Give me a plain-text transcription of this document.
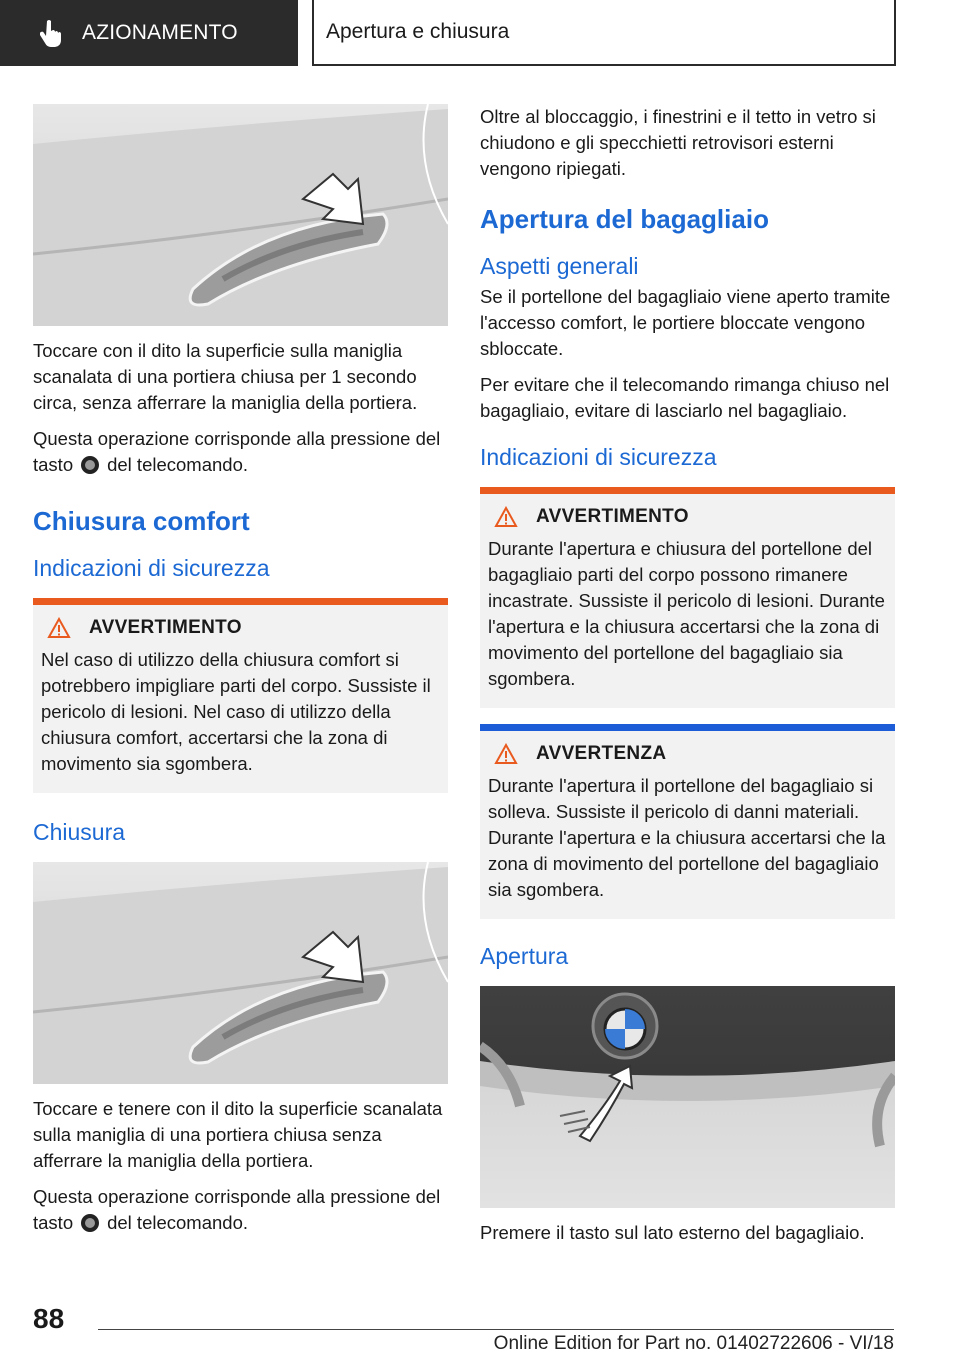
AZIONAMENTO	Apertura e chiusura

Toccare con il dito la superficie sulla maniglia scanalata di una portiera chiusa per 1 secondo circa, senza afferrare la maniglia della portiera.

Questa operazione corrisponde alla pressione del tasto del telecomando.

Chiusura comfort
Indicazioni di sicurezza
AVVERTIMENTO

Nel caso di utilizzo della chiusura comfort si potrebbero impigliare parti del corpo. Sussiste il pericolo di lesioni. Nel caso di utilizzo della chiusura comfort, accertarsi che la zona di movimento sia sgombera.

Chiusura

Toccare e tenere con il dito la superficie scanalata sulla maniglia di una portiera chiusa senza afferrare la maniglia della portiera.

Questa operazione corrisponde alla pressione del tasto del telecomando.

Oltre al bloccaggio, i finestrini e il tetto in vetro si chiudono e gli specchietti retrovisori esterni vengono ripiegati.

Apertura del bagagliaio
Aspetti generali

Se il portellone del bagagliaio viene aperto tramite l'accesso comfort, le portiere bloccate vengono sbloccate.

Per evitare che il telecomando rimanga chiuso nel bagagliaio, evitare di lasciarlo nel bagagliaio.

Indicazioni di sicurezza
AVVERTIMENTO

Durante l'apertura e chiusura del portellone del bagagliaio parti del corpo possono rimanere incastrate. Sussiste il pericolo di lesioni. Durante l'apertura e la chiusura accertarsi che la zona di movimento del portellone del bagagliaio sia sgombera.

AVVERTENZA

Durante l'apertura il portellone del bagagliaio si solleva. Sussiste il pericolo di danni materiali. Durante l'apertura e la chiusura accertarsi che la zona di movimento del portellone del bagagliaio sia sgombera.

Apertura

Premere il tasto sul lato esterno del bagagliaio.

88
Online Edition for Part no. 01402722606 - VI/18
